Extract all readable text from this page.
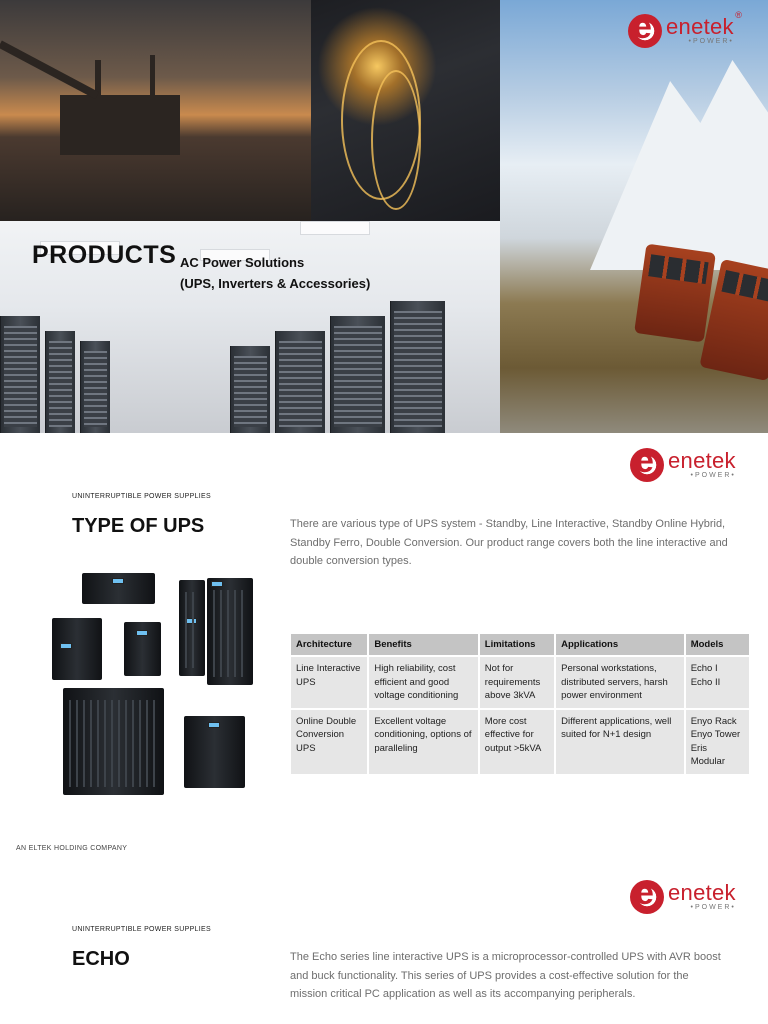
PRODUCTS AC Power Solutions
(UPS, Inverters & Accessories)
e
enetek
•POWER•
®
e
enetek
•POWER•
UNINTERRUPTIBLE POWER SUPPLIES
TYPE OF UPS	There are various type of UPS system - Standby, Line Interactive, Standby Online Hybrid, Standby Ferro, Double Conversion. Our product range covers both the line interactive and double conversion types.
Architecture	Benefits	Limitations	Applications	Models

Line Interactive UPS	High reliability, cost efficient and good voltage conditioning	Not for requirements above 3kVA	Personal workstations, distributed servers, harsh power environment	Echo I
Echo II

Online Double Conversion UPS	Excellent voltage conditioning, options of paralleling	More cost effective for output >5kVA	Different applications, well suited for N+1 design	Enyo Rack
Enyo Tower
Eris
Modular
AN ELTEK HOLDING COMPANY
e
enetek
•POWER•
UNINTERRUPTIBLE POWER SUPPLIES
ECHO	The Echo series line interactive UPS is a microprocessor-controlled UPS with AVR boost and buck functionality. This series of UPS provides a cost-effective solution for the mission critical PC application as well as its accompanying peripherals.
